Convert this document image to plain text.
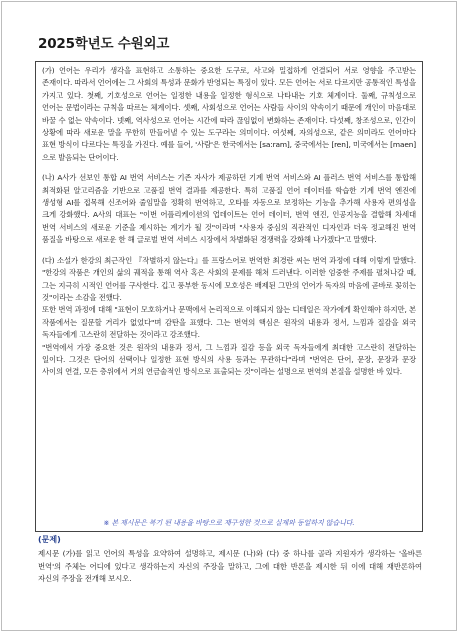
2025학년도 수원외고

(가) 언어는 우리가 생각을 표현하고 소통하는 중요한 도구로, 사고와 밀접하게 연결되어 서로 영향을 주고받는 존재이다. 따라서 언어에는 그 사회의 특성과 문화가 반영되는 특징이 있다. 모든 언어는 서로 다르지만 공통적인 특성을 가지고 있다. 첫째, 기호성으로 언어는 일정한 내용을 일정한 형식으로 나타내는 기호 체계이다. 둘째, 규칙성으로 언어는 문법이라는 규칙을 따르는 체계이다. 셋째, 사회성으로 언어는 사람들 사이의 약속이기 때문에 개인이 마음대로 바꿀 수 없는 약속이다. 넷째, 역사성으로 언어는 시간에 따라 끊임없이 변화하는 존재이다. 다섯째, 창조성으로, 인간이 상황에 따라 새로운 말을 무한히 만들어낼 수 있는 도구라는 의미이다. 여섯째, 자의성으로, 같은 의미라도 언어마다 표현 방식이 다르다는 특징을 가진다. 예를 들어, '사람'은 한국에서는 [sa:ram], 중국에서는 [ren], 미국에서는 [maen]으로 발음되는 단어이다.

(나) A사가 선보인 통합 AI 번역 서비스는 기존 자사가 제공하던 기계 번역 서비스와 AI 플러스 번역 서비스를 통합해 최적화된 알고리즘을 기반으로 고품질 번역 결과를 제공한다. 특히 고품질 언어 데이터를 학습한 기계 번역 엔진에 생성형 AI를 접목해 신조어와 줄임말을 정확히 번역하고, 오타를 자동으로 보정하는 기능을 추가해 사용자 편의성을 크게 강화했다. A사의 대표는 "이번 어플리케이션의 업데이트는 언어 데이터, 번역 엔진, 인공지능을 결합해 차세대 번역 서비스의 새로운 기준을 제시하는 계기가 될 것"이라며 "사용자 중심의 직관적인 디자인과 더욱 정교해진 번역 품질을 바탕으로 새로운 한 해 글로벌 번역 서비스 시장에서 차별화된 경쟁력을 강화해 나가겠다"고 말했다.

(다) 소설가 한강의 최근작인 『작별하지 않는다』를 프랑스어로 번역한 최경란 씨는 번역 과정에 대해 이렇게 말했다. "한강의 작품은 개인의 삶의 궤적을 통해 역사 혹은 사회의 문제를 해쳐 드러낸다. 이러한 엄중한 주제를 펼쳐나갈 때, 그는 지극히 시적인 언어를 구사한다. 깁고 풍부한 동시에 모호성은 배제된 그만의 언어가 독자의 마음에 곧바로 꽂히는 것"이라는 소감을 전했다.

또한 번역 과정에 대해 "표현이 모호하거나 문맥에서 논리적으로 이해되지 않는 디테일은 작가에게 확인해야 하지만, 본 작품에서는 질문할 거리가 없었다"며 감탄을 표했다. 그는 번역의 핵심은 원작의 내용과 정서, 느낌과 질감을 외국 독자들에게 고스란히 전달하는 것이라고 강조했다.

"번역에서 가장 중요한 것은 원작의 내용과 정서, 그 느낌과 질감 등을 외국 독자들에게 최대한 고스란히 전달하는 일이다. 그것은 단어의 선택이나 일정한 표현 방식의 사용 등과는 무관하다"라며 "번역은 단어, 문장, 문장과 문장 사이의 연결, 모든 층위에서 거의 연금술적인 방식으로 표출되는 것"이라는 설명으로 번역의 본질을 설명한 바 있다.

※ 본 제시문은 복기 된 내용을 바탕으로 재구성한 것으로 실제와 동일하지 않습니다.
(문제)

제시문 (가)를 읽고 언어의 특성을 요약하여 설명하고, 제시문 (나)와 (다) 중 하나를 골라 지원자가 생각하는 '올바른 번역'의 주체는 어디에 있다고 생각하는지 자신의 주장을 말하고, 그에 대한 반론을 제시한 뒤 이에 대해 재반론하여 자신의 주장을 전개해 보시오.
